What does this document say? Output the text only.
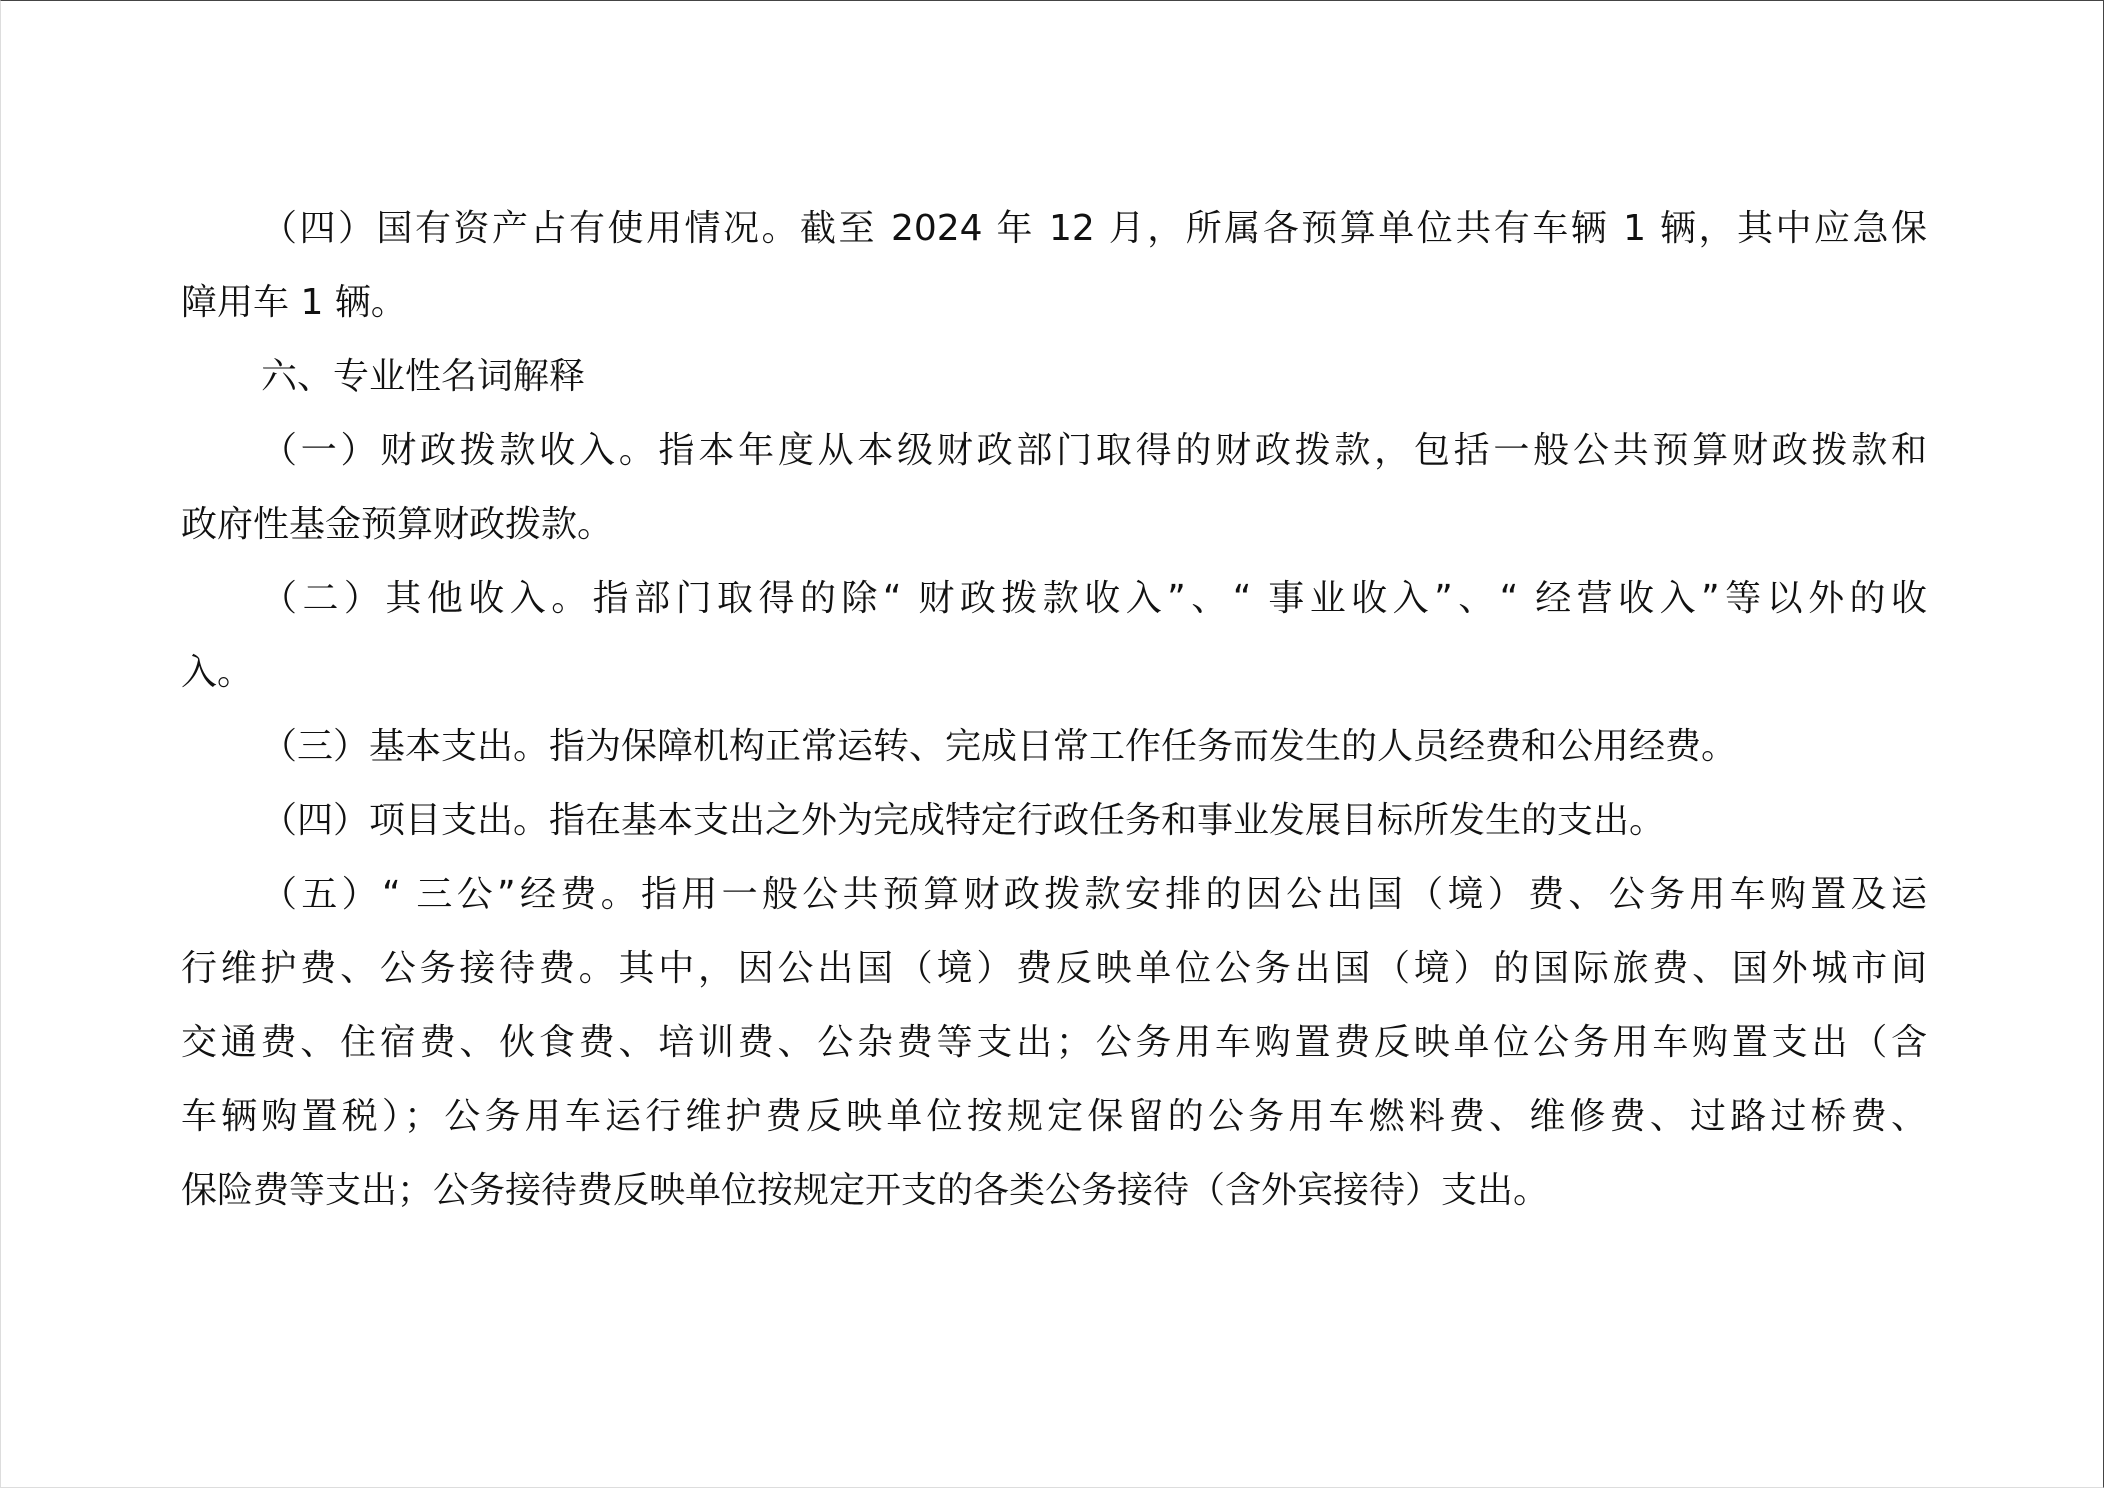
（四）国有资产占有使用情况。截至 2024 年 12 月，所属各预算单位共有车辆 1 辆，其中应急保
障用车 1 辆。
六、专业性名词解释
（一）财政拨款收入。指本年度从本级财政部门取得的财政拨款，包括一般公共预算财政拨款和
政府性基金预算财政拨款。
（二）其他收入。指部门取得的除“ 财政拨款收入”、“ 事业收入”、“ 经营收入”等以外的收
入。
（三）基本支出。指为保障机构正常运转、完成日常工作任务而发生的人员经费和公用经费。
（四）项目支出。指在基本支出之外为完成特定行政任务和事业发展目标所发生的支出。
（五）“ 三公”经费。指用一般公共预算财政拨款安排的因公出国（境）费、公务用车购置及运
行维护费、公务接待费。其中，因公出国（境）费反映单位公务出国（境）的国际旅费、国外城市间
交通费、住宿费、伙食费、培训费、公杂费等支出；公务用车购置费反映单位公务用车购置支出（含
车辆购置税）；公务用车运行维护费反映单位按规定保留的公务用车燃料费、维修费、过路过桥费、
保险费等支出；公务接待费反映单位按规定开支的各类公务接待（含外宾接待）支出。
